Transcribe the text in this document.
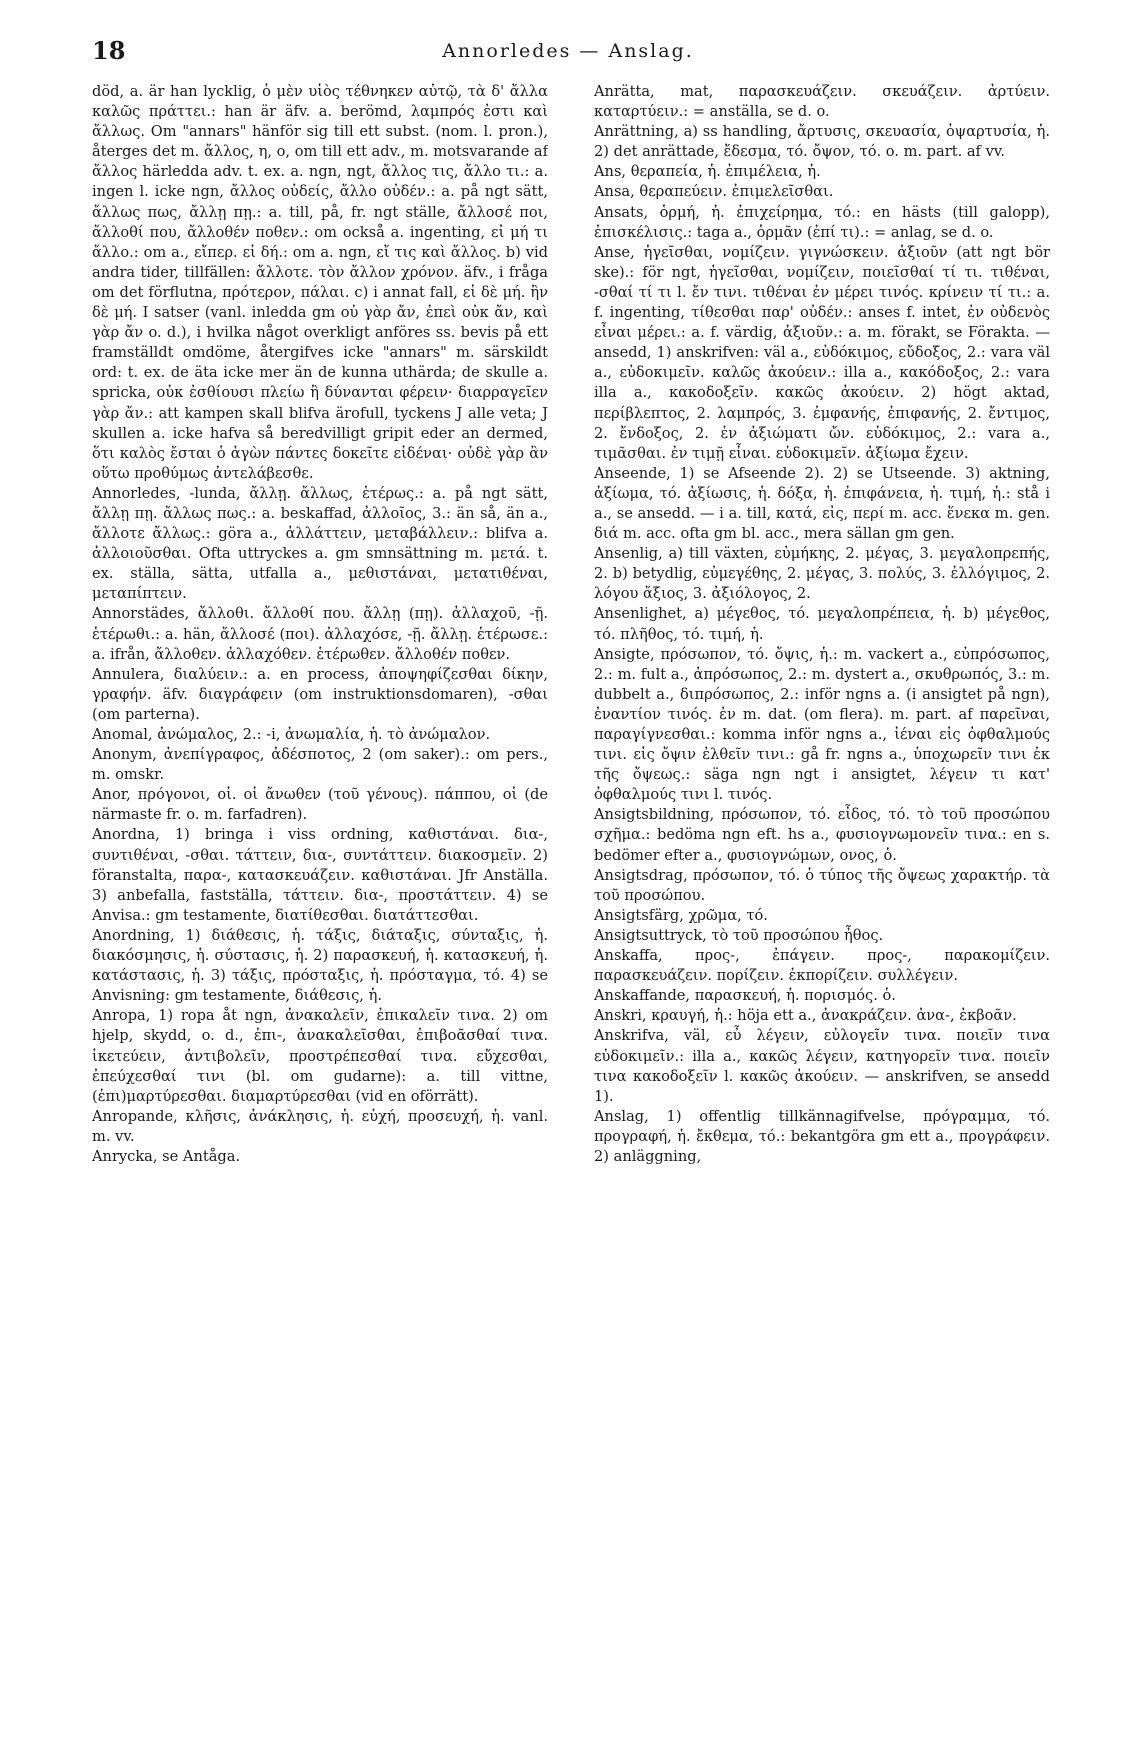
18	Annorledes — Anslag.

död, a. är han lycklig, ὁ μὲν υἱὸς τέθνηκεν αὐτῷ, τὰ δ' ἄλλα καλῶς πράττει.: han är äfv. a. berömd, λαμπρός ἐστι καὶ ἄλλως. Om "annars" hänför sig till ett subst. (nom. l. pron.), återges det m. ἄλλος, η, ο, om till ett adv., m. motsvarande af ἄλλος härledda adv. t. ex. a. ngn, ngt, ἄλλος τις, ἄλλο τι.: a. ingen l. icke ngn, ἄλλος οὐδείς, ἄλλο οὐδέν.: a. på ngt sätt, ἄλλως πως, ἄλλῃ πῃ.: a. till, på, fr. ngt ställe, ἄλλοσέ ποι, ἄλλοθί που, ἄλλοθέν ποθεν.: om också a. ingenting, εἰ μή τι ἄλλο.: om a., εἴπερ. εἰ δή.: om a. ngn, εἴ τις καὶ ἄλλος. b) vid andra tider, tillfällen: ἄλλοτε. τὸν ἄλλον χρόνον. äfv., i fråga om det förflutna, πρότερον, πάλαι. c) i annat fall, εἰ δὲ μή. ἢν δὲ μή. I satser (vanl. inledda gm οὐ γὰρ ἄν, ἐπεὶ οὐκ ἄν, καὶ γὰρ ἄν o. d.), i hvilka något overkligt anföres ss. bevis på ett framställdt omdöme, återgifves icke "annars" m. särskildt ord: t. ex. de äta icke mer än de kunna uthärda; de skulle a. spricka, οὐκ ἐσθίουσι πλείω ἢ δύνανται φέρειν· διαρραγεῖεν γὰρ ἄν.: att kampen skall blifva ärofull, tyckens J alle veta; J skullen a. icke hafva så beredvilligt gripit eder an dermed, ὅτι καλὸς ἔσται ὁ ἀγὼν πάντες δοκεῖτε εἰδέναι· οὐδὲ γὰρ ἂν οὕτω προθύμως ἀντελάβεσθε.

Annorledes, -lunda, ἄλλῃ. ἄλλως, ἑτέρως.: a. på ngt sätt, ἄλλῃ πῃ. ἄλλως πως.: a. beskaffad, ἀλλοῖος, 3.: än så, än a., ἄλλοτε ἄλλως.: göra a., ἀλλάττειν, μεταβάλλειν.: blifva a. ἀλλοιοῦσθαι. Ofta uttryckes a. gm smnsättning m. μετά. t. ex. ställa, sätta, utfalla a., μεθιστάναι, μετατιθέναι, μεταπίπτειν.

Annorstädes, ἄλλοθι. ἄλλοθί που. ἄλλῃ (πῃ). ἀλλαχοῦ, -ῇ. ἑτέρωθι.: a. hän, ἄλλοσέ (ποι). ἀλλαχόσε, -ῇ. ἄλλῃ. ἑτέρωσε.: a. ifrån, ἄλλοθεν. ἀλλαχόθεν. ἑτέρωθεν. ἄλλοθέν ποθεν.

Annulera, διαλύειν.: a. en process, ἀποψηφίζεσθαι δίκην, γραφήν. äfv. διαγράφειν (om instruktionsdomaren), -σθαι (om parterna).

Anomal, ἀνώμαλος, 2.: -i, ἀνωμαλία, ἡ. τὸ ἀνώμαλον.

Anonym, ἀνεπίγραφος, ἀδέσποτος, 2 (om saker).: om pers., m. omskr.

Anor, πρόγονοι, οἱ. οἱ ἄνωθεν (τοῦ γένους). πάππου, οἱ (de närmaste fr. o. m. farfadren).

Anordna, 1) bringa i viss ordning, καθιστάναι. δια-, συντιθέναι, -σθαι. τάττειν, δια-, συντάττειν. διακοσμεῖν. 2) föranstalta, παρα-, κατασκευάζειν. καθιστάναι. Jfr Anställa. 3) anbefalla, fastställa, τάττειν. δια-, προστάττειν. 4) se Anvisa.: gm testamente, διατίθεσθαι. διατάττεσθαι.

Anordning, 1) διάθεσις, ἡ. τάξις, διάταξις, σύνταξις, ἡ. διακόσμησις, ἡ. σύστασις, ἡ. 2) παρασκευή, ἡ. κατασκευή, ἡ. κατάστασις, ἡ. 3) τάξις, πρόσταξις, ἡ. πρόσταγμα, τό. 4) se Anvisning: gm testamente, διάθεσις, ἡ.

Anropa, 1) ropa åt ngn, ἀνακαλεῖν, ἐπικαλεῖν τινα. 2) om hjelp, skydd, o. d., ἐπι-, ἀνακαλεῖσθαι, ἐπιβοᾶσθαί τινα. ἱκετεύειν, ἀντιβολεῖν, προστρέπεσθαί τινα. εὔχεσθαι, ἐπεύχεσθαί τινι (bl. om gudarne): a. till vittne, (ἐπι)μαρτύρεσθαι. διαμαρτύρεσθαι (vid en oförrätt).

Anropande, κλῆσις, ἀνάκλησις, ἡ. εὐχή, προσευχή, ἡ. vanl. m. vv.

Anrycka, se Antåga.

Anrätta, mat, παρασκευάζειν. σκευάζειν. ἀρτύειν. καταρτύειν.: = anställa, se d. o.

Anrättning, a) ss handling, ἄρτυσις, σκευασία, ὀψαρτυσία, ἡ. 2) det anrättade, ἔδεσμα, τό. ὄψον, τό. o. m. part. af vv.

Ans, θεραπεία, ἡ. ἐπιμέλεια, ἡ.

Ansa, θεραπεύειν. ἐπιμελεῖσθαι.

Ansats, ὁρμή, ἡ. ἐπιχείρημα, τό.: en hästs (till galopp), ἐπισκέλισις.: taga a., ὁρμᾶν (ἐπί τι).: = anlag, se d. o.

Anse, ἡγεῖσθαι, νομίζειν. γιγνώσκειν. ἀξιοῦν (att ngt bör ske).: för ngt, ἡγεῖσθαι, νομίζειν, ποιεῖσθαί τί τι. τιθέναι, -σθαί τί τι l. ἔν τινι. τιθέναι ἐν μέρει τινός. κρίνειν τί τι.: a. f. ingenting, τίθεσθαι παρ' οὐδέν.: anses f. intet, ἐν οὐδενὸς εἶναι μέρει.: a. f. värdig, ἀξιοῦν.: a. m. förakt, se Förakta. — ansedd, 1) anskrifven: väl a., εὐδόκιμος, εὔδοξος, 2.: vara väl a., εὐδοκιμεῖν. καλῶς ἀκούειν.: illa a., κακόδοξος, 2.: vara illa a., κακοδοξεῖν. κακῶς ἀκούειν. 2) högt aktad, περίβλεπτος, 2. λαμπρός, 3. ἐμφανής, ἐπιφανής, 2. ἔντιμος, 2. ἔνδοξος, 2. ἐν ἀξιώματι ὤν. εὐδόκιμος, 2.: vara a., τιμᾶσθαι. ἐν τιμῇ εἶναι. εὐδοκιμεῖν. ἀξίωμα ἔχειν.

Anseende, 1) se Afseende 2). 2) se Utseende. 3) aktning, ἀξίωμα, τό. ἀξίωσις, ἡ. δόξα, ἡ. ἐπιφάνεια, ἡ. τιμή, ἡ.: stå i a., se ansedd. — i a. till, κατά, εἰς, περί m. acc. ἕνεκα m. gen. διά m. acc. ofta gm bl. acc., mera sällan gm gen.

Ansenlig, a) till växten, εὐμήκης, 2. μέγας, 3. μεγαλοπρεπής, 2. b) betydlig, εὐμεγέθης, 2. μέγας, 3. πολύς, 3. ἐλλόγιμος, 2. λόγου ἄξιος, 3. ἀξιόλογος, 2.

Ansenlighet, a) μέγεθος, τό. μεγαλοπρέπεια, ἡ. b) μέγεθος, τό. πλῆθος, τό. τιμή, ἡ.

Ansigte, πρόσωπον, τό. ὄψις, ἡ.: m. vackert a., εὐπρόσωπος, 2.: m. fult a., ἀπρόσωπος, 2.: m. dystert a., σκυθρωπός, 3.: m. dubbelt a., διπρόσωπος, 2.: inför ngns a. (i ansigtet på ngn), ἐναντίον τινός. ἐν m. dat. (om flera). m. part. af παρεῖναι, παραγίγνεσθαι.: komma inför ngns a., ἰέναι εἰς ὀφθαλμούς τινι. εἰς ὄψιν ἐλθεῖν τινι.: gå fr. ngns a., ὑποχωρεῖν τινι ἐκ τῆς ὄψεως.: säga ngn ngt i ansigtet, λέγειν τι κατ' ὀφθαλμούς τινι l. τινός.

Ansigtsbildning, πρόσωπον, τό. εἶδος, τό. τὸ τοῦ προσώπου σχῆμα.: bedöma ngn eft. hs a., φυσιογνωμονεῖν τινα.: en s. bedömer efter a., φυσιογνώμων, ονος, ὁ.

Ansigtsdrag, πρόσωπον, τό. ὁ τύπος τῆς ὄψεως χαρακτήρ. τὰ τοῦ προσώπου.

Ansigtsfärg, χρῶμα, τό.

Ansigtsuttryck, τὸ τοῦ προσώπου ἦθος.

Anskaffa, προς-, ἐπάγειν. προς-, παρακομίζειν. παρασκευάζειν. πορίζειν. ἐκπορίζειν. συλλέγειν.

Anskaffande, παρασκευή, ἡ. πορισμός. ὁ.

Anskri, κραυγή, ἡ.: höja ett a., ἀνακράζειν. ἀνα-, ἐκβοᾶν.

Anskrifva, väl, εὖ λέγειν, εὐλογεῖν τινα. ποιεῖν τινα εὐδοκιμεῖν.: illa a., κακῶς λέγειν, κατηγορεῖν τινα. ποιεῖν τινα κακοδοξεῖν l. κακῶς ἀκούειν. — anskrifven, se ansedd 1).

Anslag, 1) offentlig tillkännagifvelse, πρόγραμμα, τό. προγραφή, ἡ. ἔκθεμα, τό.: bekantgöra gm ett a., προγράφειν. 2) anläggning,
